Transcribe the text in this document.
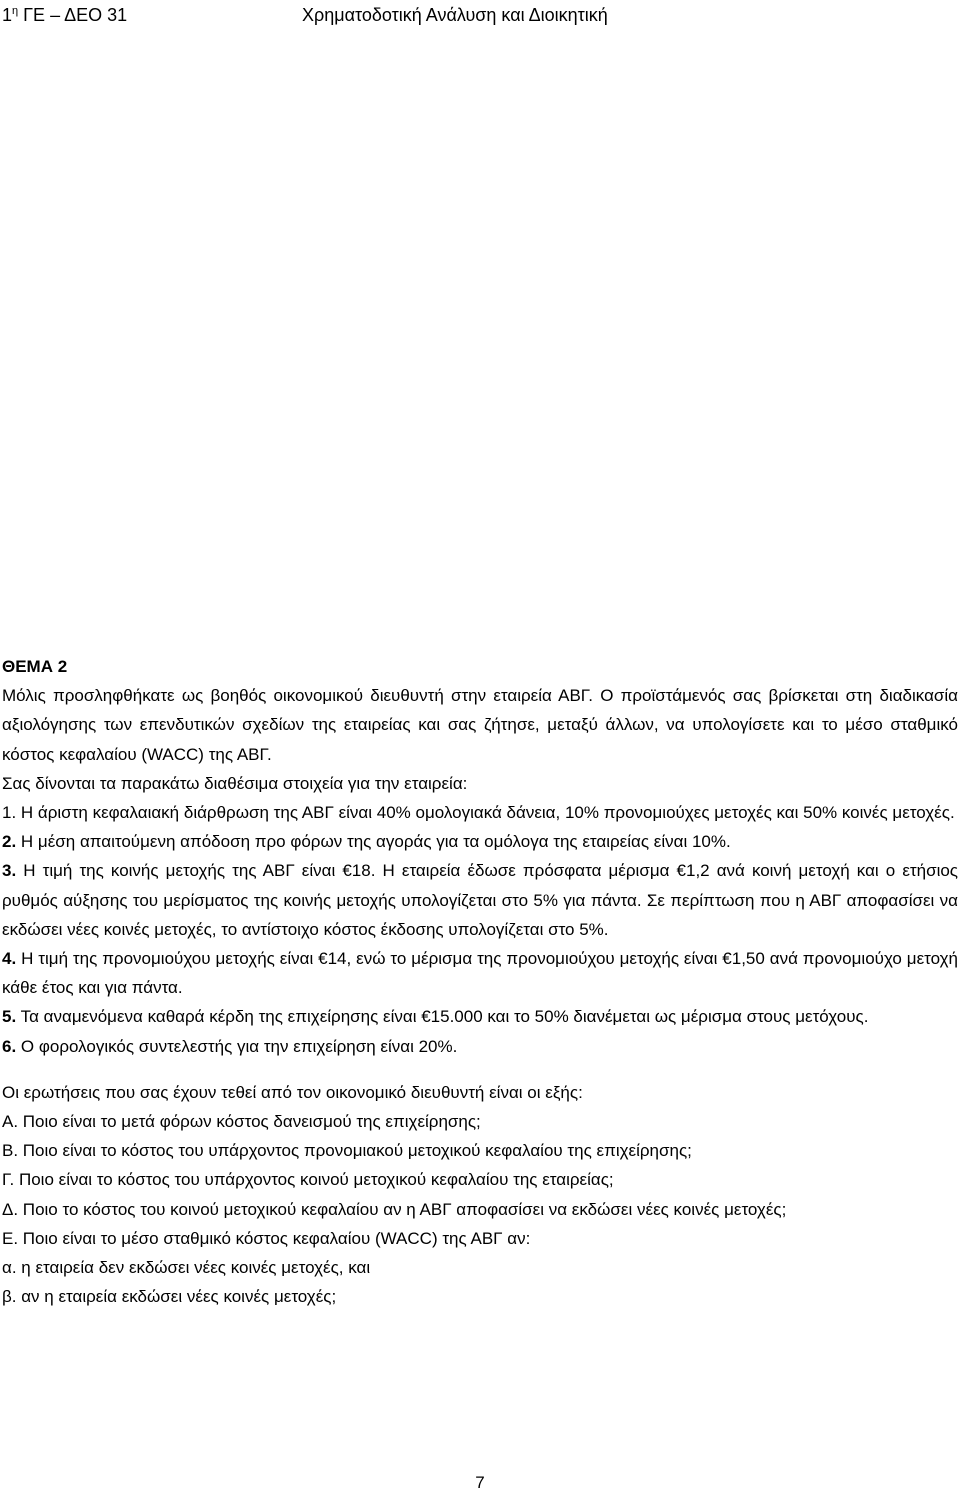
$1^\eta$ ΓΕ – ΔΕΟ 31	Χρηματοδοτική Ανάλυση και Διοικητική

ΘΕΜΑ 2

Μόλις προσληφθήκατε ως βοηθός οικονομικού διευθυντή στην εταιρεία ΑΒΓ. Ο προϊστάμενός σας βρίσκεται στη διαδικασία αξιολόγησης των επενδυτικών σχεδίων της εταιρείας και σας ζήτησε, μεταξύ άλλων, να υπολογίσετε και το μέσο σταθμικό κόστος κεφαλαίου (WACC) της ΑΒΓ.

Σας δίνονται τα παρακάτω διαθέσιμα στοιχεία για την εταιρεία:

1. Η άριστη κεφαλαιακή διάρθρωση της ΑΒΓ είναι 40% ομολογιακά δάνεια, 10% προνομιούχες μετοχές και 50% κοινές μετοχές.

2. Η μέση απαιτούμενη απόδοση προ φόρων της αγοράς για τα ομόλογα της εταιρείας είναι 10%.

3. Η τιμή της κοινής μετοχής της ΑΒΓ είναι €18. Η εταιρεία έδωσε πρόσφατα μέρισμα €1,2 ανά κοινή μετοχή και ο ετήσιος ρυθμός αύξησης του μερίσματος της κοινής μετοχής υπολογίζεται στο 5% για πάντα. Σε περίπτωση που η ΑΒΓ αποφασίσει να εκδώσει νέες κοινές μετοχές, το αντίστοιχο κόστος έκδοσης υπολογίζεται στο 5%.

4. Η τιμή της προνομιούχου μετοχής είναι €14, ενώ το μέρισμα της προνομιούχου μετοχής είναι €1,50 ανά προνομιούχο μετοχή κάθε έτος και για πάντα.

5. Τα αναμενόμενα καθαρά κέρδη της επιχείρησης είναι €15.000 και το 50% διανέμεται ως μέρισμα στους μετόχους.

6. Ο φορολογικός συντελεστής για την επιχείρηση είναι 20%.

Οι ερωτήσεις που σας έχουν τεθεί από τον οικονομικό διευθυντή είναι οι εξής:

Α. Ποιο είναι το μετά φόρων κόστος δανεισμού της επιχείρησης;

Β. Ποιο είναι το κόστος του υπάρχοντος προνομιακού μετοχικού κεφαλαίου της επιχείρησης;

Γ. Ποιο είναι το κόστος του υπάρχοντος κοινού μετοχικού κεφαλαίου της εταιρείας;

Δ. Ποιο το κόστος του κοινού μετοχικού κεφαλαίου αν η ΑΒΓ αποφασίσει να εκδώσει νέες κοινές μετοχές;

Ε. Ποιο είναι το μέσο σταθμικό κόστος κεφαλαίου (WACC) της ΑΒΓ αν:

α. η εταιρεία δεν εκδώσει νέες κοινές μετοχές, και

β. αν η εταιρεία εκδώσει νέες κοινές μετοχές;

7
